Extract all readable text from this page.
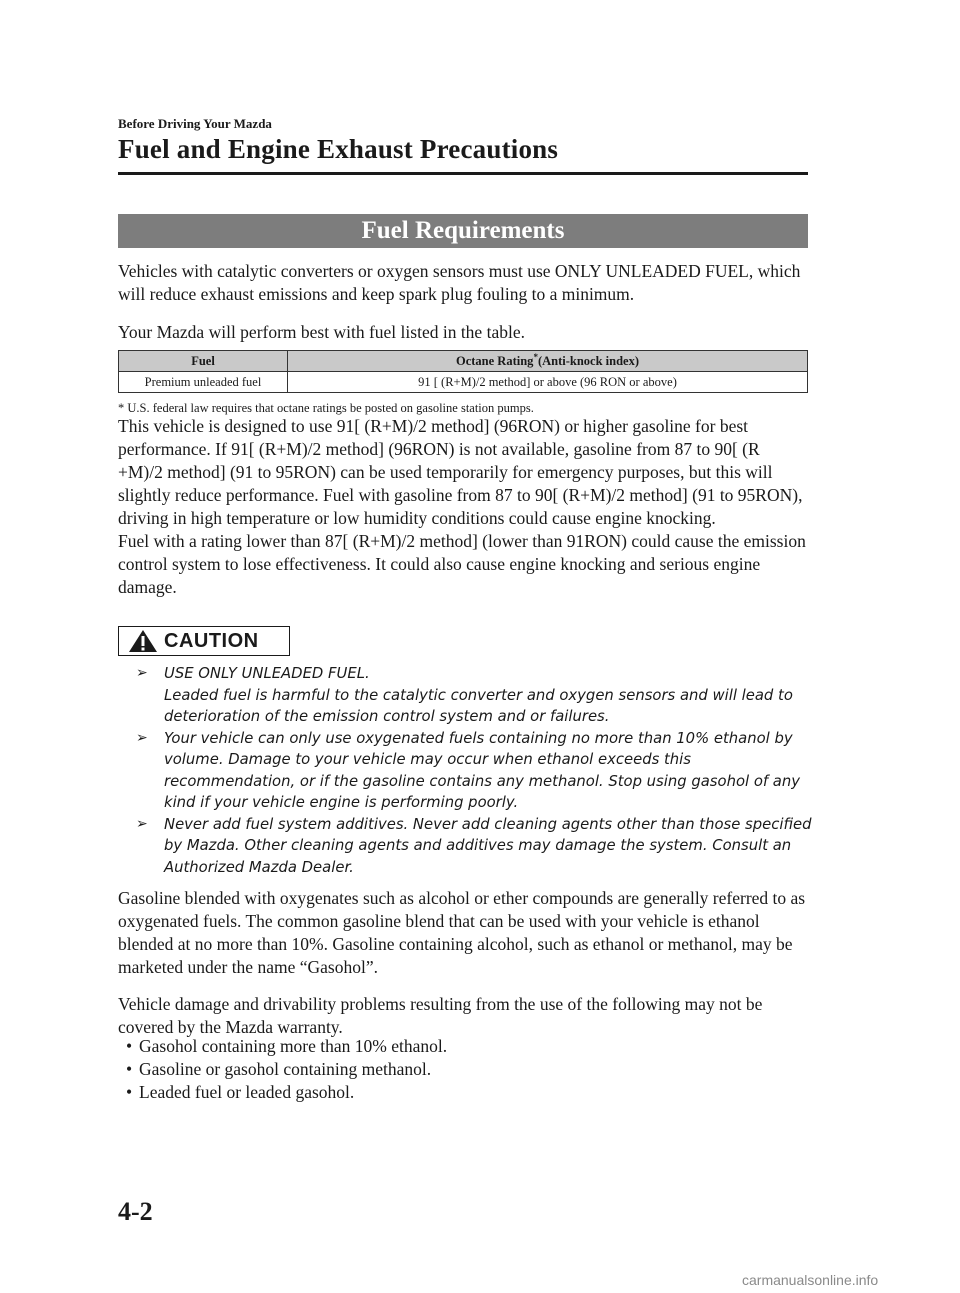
Before Driving Your Mazda
Fuel and Engine Exhaust Precautions
Fuel Requirements

Vehicles with catalytic converters or oxygen sensors must use ONLY UNLEADED FUEL, which will reduce exhaust emissions and keep spark plug fouling to a minimum.

Your Mazda will perform best with fuel listed in the table.

Fuel	Octane Rating*(Anti-knock index)
Premium unleaded fuel	91 [ (R+M)/2 method] or above (96 RON or above)
* U.S. federal law requires that octane ratings be posted on gasoline station pumps.

This vehicle is designed to use 91[ (R+M)/2 method] (96RON) or higher gasoline for best performance. If 91[ (R+M)/2 method] (96RON) is not available, gasoline from 87 to 90[ (R +M)/2 method] (91 to 95RON) can be used temporarily for emergency purposes, but this will slightly reduce performance. Fuel with gasoline from 87 to 90[ (R+M)/2 method] (91 to 95RON), driving in high temperature or low humidity conditions could cause engine knocking.
Fuel with a rating lower than 87[ (R+M)/2 method] (lower than 91RON) could cause the emission control system to lose effectiveness. It could also cause engine knocking and serious engine damage.

CAUTION
➢ USE ONLY UNLEADED FUEL.
Leaded fuel is harmful to the catalytic converter and oxygen sensors and will lead to deterioration of the emission control system and or failures.
➢ Your vehicle can only use oxygenated fuels containing no more than 10% ethanol by volume. Damage to your vehicle may occur when ethanol exceeds this recommendation, or if the gasoline contains any methanol. Stop using gasohol of any kind if your vehicle engine is performing poorly.
➢ Never add fuel system additives. Never add cleaning agents other than those specified by Mazda. Other cleaning agents and additives may damage the system. Consult an Authorized Mazda Dealer.

Gasoline blended with oxygenates such as alcohol or ether compounds are generally referred to as oxygenated fuels. The common gasoline blend that can be used with your vehicle is ethanol blended at no more than 10%. Gasoline containing alcohol, such as ethanol or methanol, may be marketed under the name “Gasohol”.

Vehicle damage and drivability problems resulting from the use of the following may not be covered by the Mazda warranty.

• Gasohol containing more than 10% ethanol.
• Gasoline or gasohol containing methanol.
• Leaded fuel or leaded gasohol.
4-2
carmanualsonline.info
